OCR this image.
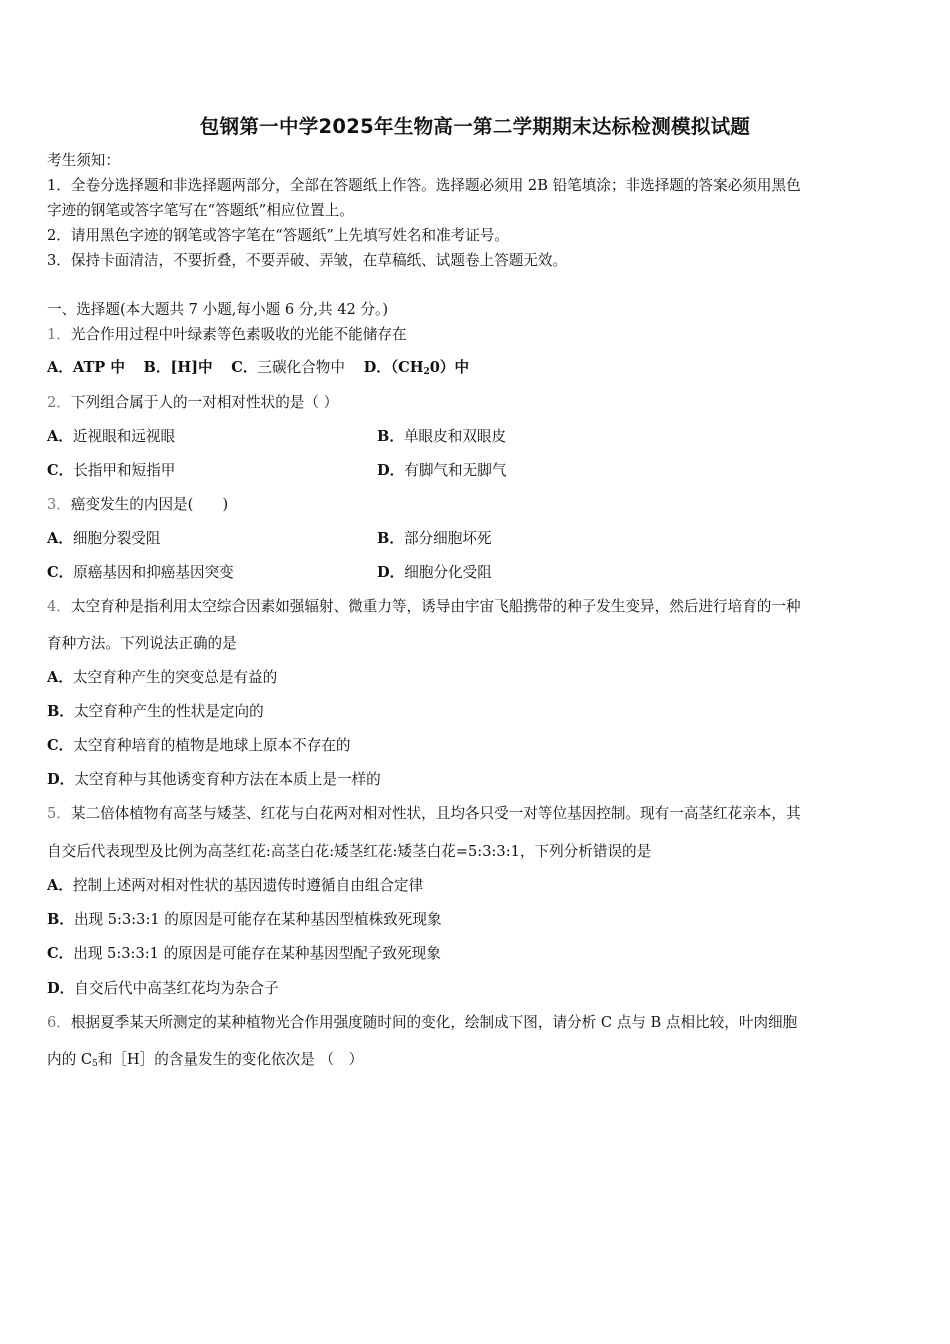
包钢第一中学2025年生物高一第二学期期末达标检测模拟试题
考生须知：
1．全卷分选择题和非选择题两部分，全部在答题纸上作答。选择题必须用 2B 铅笔填涂；非选择题的答案必须用黑色
字迹的钢笔或答字笔写在“答题纸”相应位置上。
2．请用黑色字迹的钢笔或答字笔在“答题纸”上先填写姓名和准考证号。
3．保持卡面清洁，不要折叠，不要弄破、弄皱，在草稿纸、试题卷上答题无效。
一、选择题(本大题共 7 小题,每小题 6 分,共 42 分。)
1．光合作用过程中叶绿素等色素吸收的光能不能储存在
A．ATP 中 B．[H]中 C．三碳化合物中 D．$(CH_20)$中
2．下列组合属于人的一对相对性状的是（ ）
A．近视眼和远视眼	B．单眼皮和双眼皮
C．长指甲和短指甲	D．有脚气和无脚气
3．癌变发生的内因是(　　)
A．细胞分裂受阻	B．部分细胞坏死
C．原癌基因和抑癌基因突变	D．细胞分化受阻
4．太空育种是指利用太空综合因素如强辐射、微重力等，诱导由宇宙飞船携带的种子发生变异，然后进行培育的一种
育种方法。下列说法正确的是
A．太空育种产生的突变总是有益的
B．太空育种产生的性状是定向的
C．太空育种培育的植物是地球上原本不存在的
D．太空育种与其他诱变育种方法在本质上是一样的
5．某二倍体植物有高茎与矮茎、红花与白花两对相对性状，且均各只受一对等位基因控制。现有一高茎红花亲本，其
自交后代表现型及比例为高茎红花:高茎白花:矮茎红花:矮茎白花=5:3:3:1，下列分析错误的是
A．控制上述两对相对性状的基因遗传时遵循自由组合定律
B．出现 5:3:3:1 的原因是可能存在某种基因型植株致死现象
C．出现 5:3:3:1 的原因是可能存在某种基因型配子致死现象
D．自交后代中高茎红花均为杂合子
6．根据夏季某天所测定的某种植物光合作用强度随时间的变化，绘制成下图，请分析 C 点与 B 点相比较，叶肉细胞
内的 $C_5$和［H］的含量发生的变化依次是 （　）
